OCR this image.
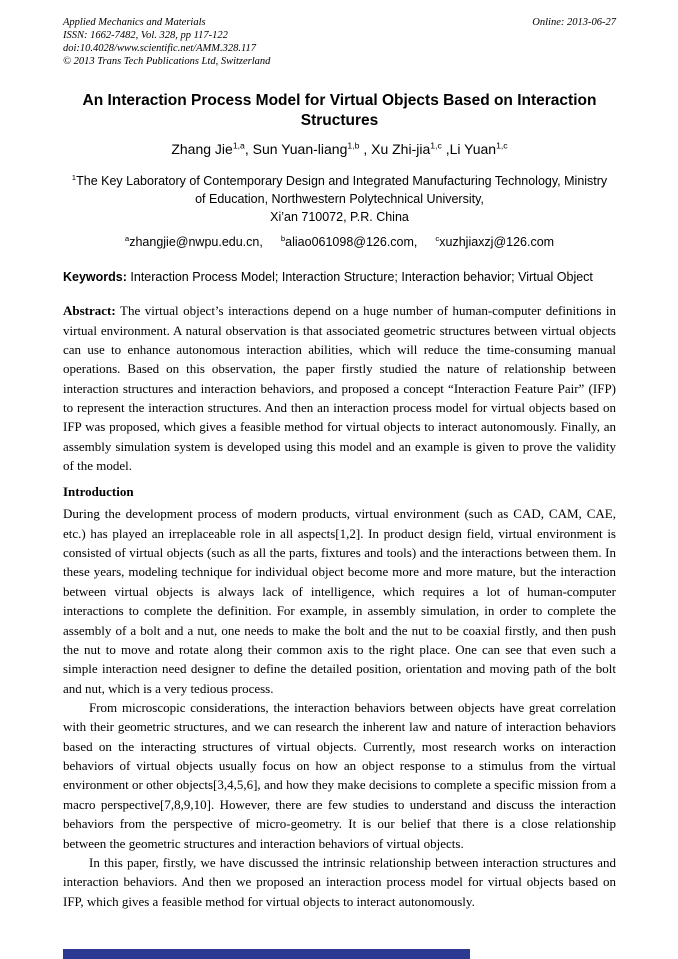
Applied Mechanics and Materials
ISSN: 1662-7482, Vol. 328, pp 117-122
doi:10.4028/www.scientific.net/AMM.328.117
© 2013 Trans Tech Publications Ltd, Switzerland
Online: 2013-06-27
An Interaction Process Model for Virtual Objects Based on Interaction Structures
Zhang Jie$^{1,a}$, Sun Yuan-liang$^{1,b}$ , Xu Zhi-jia$^{1,c}$ ,Li Yuan$^{1,c}$
$^1$The Key Laboratory of Contemporary Design and Integrated Manufacturing Technology, Ministry
of Education, Northwestern Polytechnical University,
Xi’an 710072, P.R. China
$^a$zhangjie@nwpu.edu.cn, $^b$aliao061098@126.com, $^c$xuzhjiaxzj@126.com

Keywords: Interaction Process Model; Interaction Structure; Interaction behavior; Virtual Object

Abstract: The virtual object’s interactions depend on a huge number of human-computer definitions in virtual environment. A natural observation is that associated geometric structures between virtual objects can use to enhance autonomous interaction abilities, which will reduce the time-consuming manual operations. Based on this observation, the paper firstly studied the nature of relationship between interaction structures and interaction behaviors, and proposed a concept “Interaction Feature Pair” (IFP) to represent the interaction structures. And then an interaction process model for virtual objects based on IFP was proposed, which gives a feasible method for virtual objects to interact autonomously. Finally, an assembly simulation system is developed using this model and an example is given to prove the validity of the model.

Introduction

During the development process of modern products, virtual environment (such as CAD, CAM, CAE, etc.) has played an irreplaceable role in all aspects[1,2]. In product design field, virtual environment is consisted of virtual objects (such as all the parts, fixtures and tools) and the interactions between them. In these years, modeling technique for individual object become more and more mature, but the interaction between virtual objects is always lack of intelligence, which requires a lot of human-computer interactions to complete the definition. For example, in assembly simulation, in order to complete the assembly of a bolt and a nut, one needs to make the bolt and the nut to be coaxial firstly, and then push the nut to move and rotate along their common axis to the right place. One can see that even such a simple interaction need designer to define the detailed position, orientation and moving path of the bolt and nut, which is a very tedious process.

From microscopic considerations, the interaction behaviors between objects have great correlation with their geometric structures, and we can research the inherent law and nature of interaction behaviors based on the interacting structures of virtual objects. Currently, most research works on interaction behaviors of virtual objects usually focus on how an object response to a stimulus from the virtual environment or other objects[3,4,5,6], and how they make decisions to complete a specific mission from a macro perspective[7,8,9,10]. However, there are few studies to understand and discuss the interaction behaviors from the perspective of micro-geometry. It is our belief that there is a close relationship between the geometric structures and interaction behaviors of virtual objects.

In this paper, firstly, we have discussed the intrinsic relationship between interaction structures and interaction behaviors. And then we proposed an interaction process model for virtual objects based on IFP, which gives a feasible method for virtual objects to interact autonomously.
